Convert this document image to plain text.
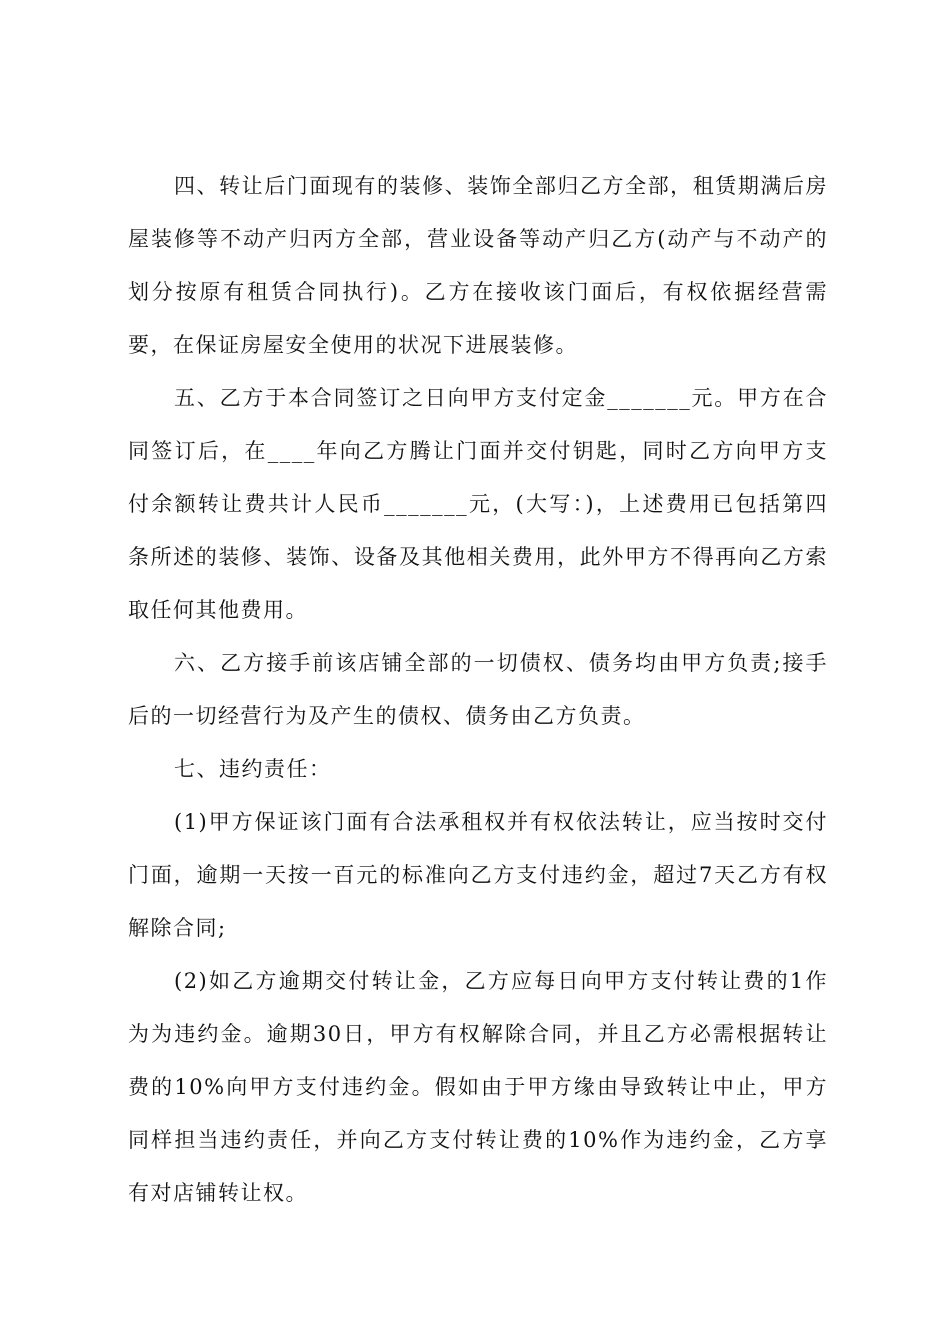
四、转让后门面现有的装修、装饰全部归乙方全部，租赁期满后房屋装修等不动产归丙方全部，营业设备等动产归乙方(动产与不动产的划分按原有租赁合同执行)。乙方在接收该门面后，有权依据经营需要，在保证房屋安全使用的状况下进展装修。

五、乙方于本合同签订之日向甲方支付定金_______元。甲方在合同签订后，在____年向乙方腾让门面并交付钥匙，同时乙方向甲方支付余额转让费共计人民币_______元，(大写：)，上述费用已包括第四条所述的装修、装饰、设备及其他相关费用，此外甲方不得再向乙方索取任何其他费用。

六、乙方接手前该店铺全部的一切债权、债务均由甲方负责;接手后的一切经营行为及产生的债权、债务由乙方负责。

七、违约责任：

(1)甲方保证该门面有合法承租权并有权依法转让，应当按时交付门面，逾期一天按一百元的标准向乙方支付违约金，超过7天乙方有权解除合同;

(2)如乙方逾期交付转让金，乙方应每日向甲方支付转让费的1作为为违约金。逾期30日，甲方有权解除合同，并且乙方必需根据转让费的10%向甲方支付违约金。假如由于甲方缘由导致转让中止，甲方同样担当违约责任，并向乙方支付转让费的10%作为违约金，乙方享有对店铺转让权。
